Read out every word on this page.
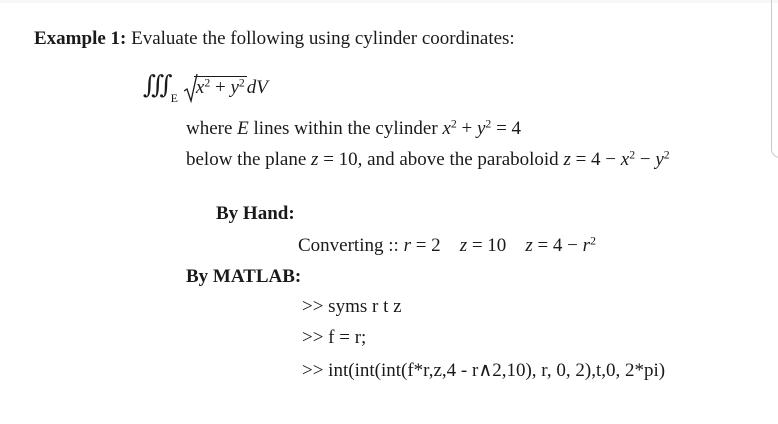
Example 1: Evaluate the following using cylinder coordinates:
∭ $_E$ $x^2 + y^2$ dV
where E lines within the cylinder $x^2 + y^2 = 4$
below the plane z = 10, and above the paraboloid $z = 4 - x^2 - y^2$
By Hand:
Converting :: r = 2    z = 10    $z = 4 - r^2$
By MATLAB:
>> syms r t z
>> f = r;
>> int(int(int(f*r,z,4 - r∧2,10), r, 0, 2),t,0, 2*pi)
